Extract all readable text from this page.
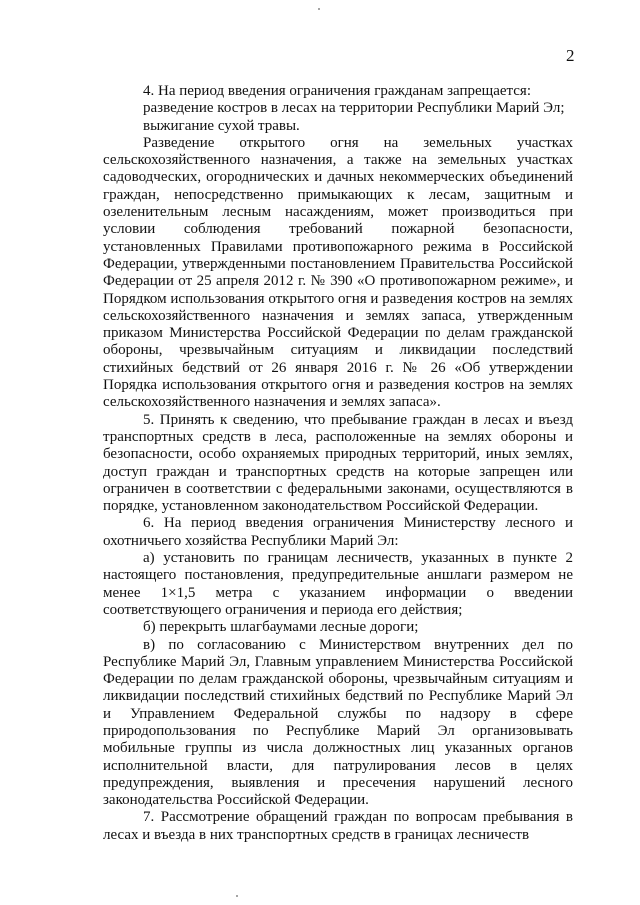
2

4. На период введения ограничения гражданам запрещается:

разведение костров в лесах на территории Республики Марий Эл;

выжигание сухой травы.

Разведение открытого огня на земельных участках сельскохозяйственного назначения, а также на земельных участках садоводческих, огороднических и дачных некоммерческих объединений граждан, непосредственно примыкающих к лесам, защитным и озеленительным лесным насаждениям, может производиться при условии соблюдения требований пожарной безопасности, установленных Правилами противопожарного режима в Российской Федерации, утвержденными постановлением Правительства Российской Федерации от 25 апреля 2012 г. № 390 «О противопожарном режиме», и Порядком использования открытого огня и разведения костров на землях сельскохозяйственного назначения и землях запаса, утвержденным приказом Министерства Российской Федерации по делам гражданской обороны, чрезвычайным ситуациям и ликвидации последствий стихийных бедствий от 26 января 2016 г. № 26 «Об утверждении Порядка использования открытого огня и разведения костров на землях сельскохозяйственного назначения и землях запаса».

5. Принять к сведению, что пребывание граждан в лесах и въезд транспортных средств в леса, расположенные на землях обороны и безопасности, особо охраняемых природных территорий, иных землях, доступ граждан и транспортных средств на которые запрещен или ограничен в соответствии с федеральными законами, осуществляются в порядке, установленном законодательством Российской Федерации.

6. На период введения ограничения Министерству лесного и охотничьего хозяйства Республики Марий Эл:

а) установить по границам лесничеств, указанных в пункте 2 настоящего постановления, предупредительные аншлаги размером не менее 1×1,5 метра с указанием информации о введении соответствующего ограничения и периода его действия;

б) перекрыть шлагбаумами лесные дороги;

в) по согласованию с Министерством внутренних дел по Республике Марий Эл, Главным управлением Министерства Российской Федерации по делам гражданской обороны, чрезвычайным ситуациям и ликвидации последствий стихийных бедствий по Республике Марий Эл и Управлением Федеральной службы по надзору в сфере природопользования по Республике Марий Эл организовывать мобильные группы из числа должностных лиц указанных органов исполнительной власти, для патрулирования лесов в целях предупреждения, выявления и пресечения нарушений лесного законодательства Российской Федерации.

7. Рассмотрение обращений граждан по вопросам пребывания в лесах и въезда в них транспортных средств в границах лесничеств
